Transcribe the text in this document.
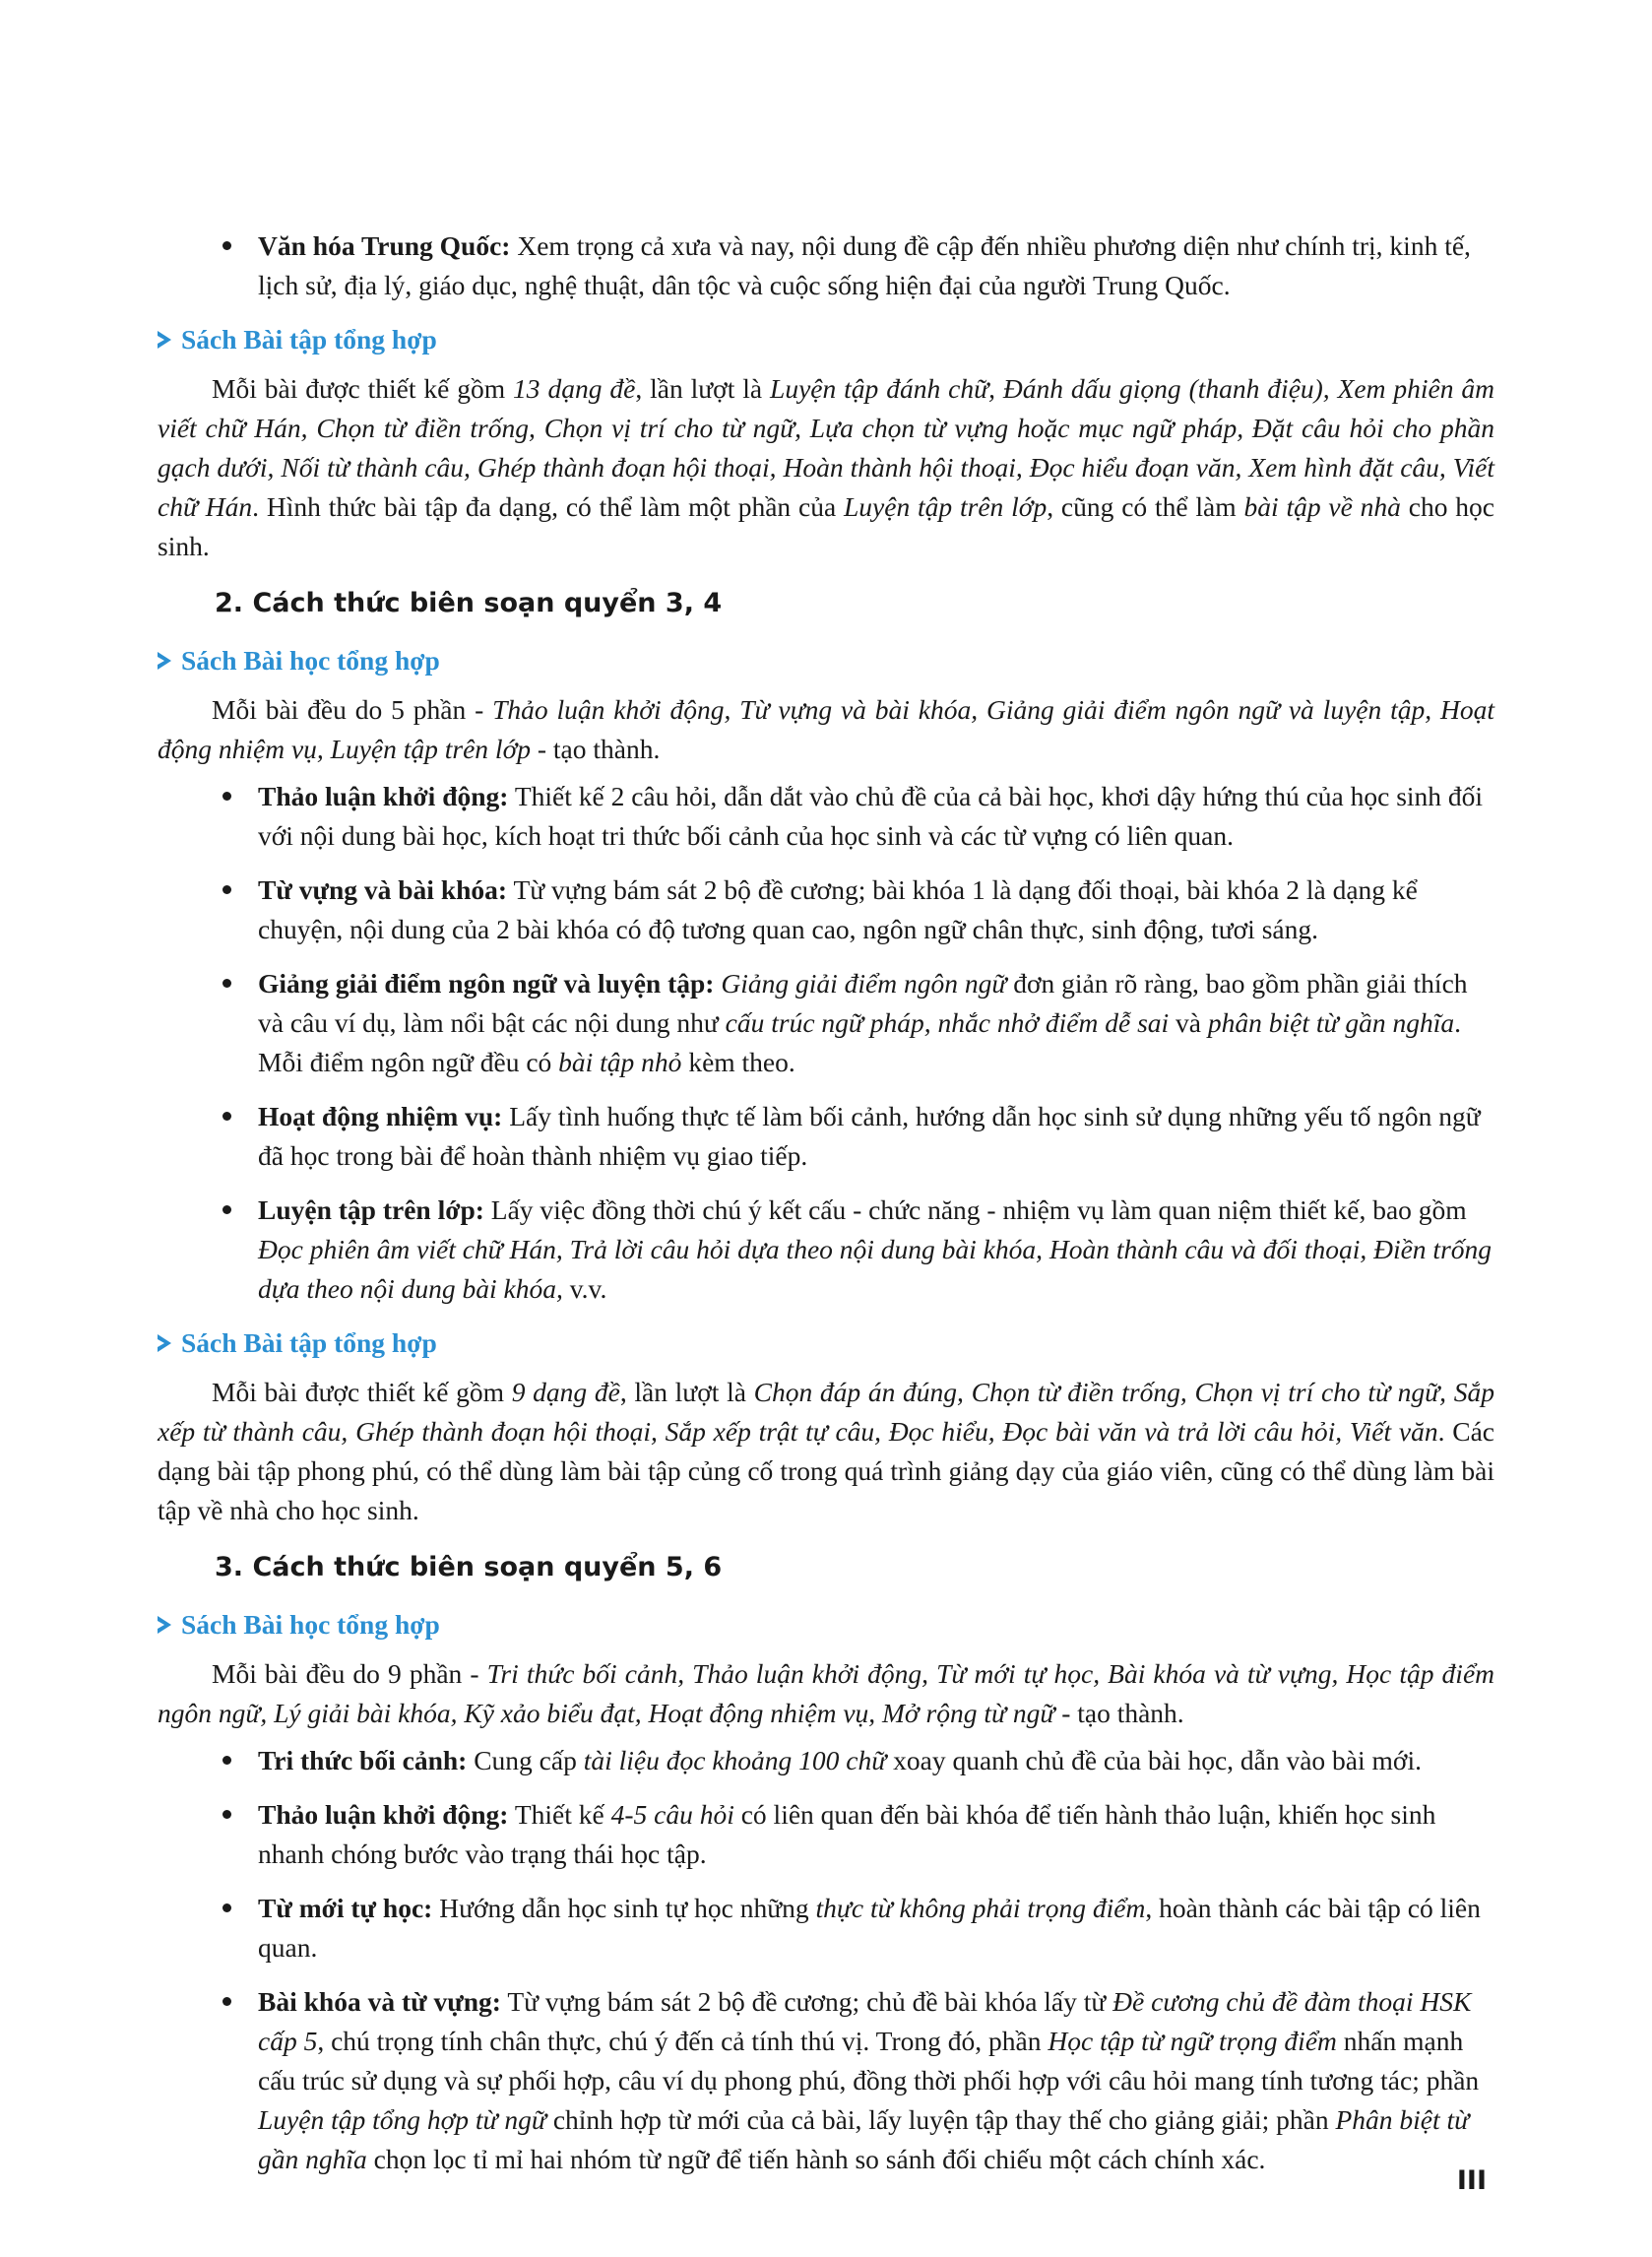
Văn hóa Trung Quốc: Xem trọng cả xưa và nay, nội dung đề cập đến nhiều phương diện như chính trị, kinh tế, lịch sử, địa lý, giáo dục, nghệ thuật, dân tộc và cuộc sống hiện đại của người Trung Quốc.
Sách Bài tập tổng hợp

Mỗi bài được thiết kế gồm 13 dạng đề, lần lượt là Luyện tập đánh chữ, Đánh dấu giọng (thanh điệu), Xem phiên âm viết chữ Hán, Chọn từ điền trống, Chọn vị trí cho từ ngữ, Lựa chọn từ vựng hoặc mục ngữ pháp, Đặt câu hỏi cho phần gạch dưới, Nối từ thành câu, Ghép thành đoạn hội thoại, Hoàn thành hội thoại, Đọc hiểu đoạn văn, Xem hình đặt câu, Viết chữ Hán. Hình thức bài tập đa dạng, có thể làm một phần của Luyện tập trên lớp, cũng có thể làm bài tập về nhà cho học sinh.

2. Cách thức biên soạn quyển 3, 4
Sách Bài học tổng hợp

Mỗi bài đều do 5 phần - Thảo luận khởi động, Từ vựng và bài khóa, Giảng giải điểm ngôn ngữ và luyện tập, Hoạt động nhiệm vụ, Luyện tập trên lớp - tạo thành.

Thảo luận khởi động: Thiết kế 2 câu hỏi, dẫn dắt vào chủ đề của cả bài học, khơi dậy hứng thú của học sinh đối với nội dung bài học, kích hoạt tri thức bối cảnh của học sinh và các từ vựng có liên quan.
Từ vựng và bài khóa: Từ vựng bám sát 2 bộ đề cương; bài khóa 1 là dạng đối thoại, bài khóa 2 là dạng kể chuyện, nội dung của 2 bài khóa có độ tương quan cao, ngôn ngữ chân thực, sinh động, tươi sáng.
Giảng giải điểm ngôn ngữ và luyện tập: Giảng giải điểm ngôn ngữ đơn giản rõ ràng, bao gồm phần giải thích và câu ví dụ, làm nổi bật các nội dung như cấu trúc ngữ pháp, nhắc nhở điểm dễ sai và phân biệt từ gần nghĩa. Mỗi điểm ngôn ngữ đều có bài tập nhỏ kèm theo.
Hoạt động nhiệm vụ: Lấy tình huống thực tế làm bối cảnh, hướng dẫn học sinh sử dụng những yếu tố ngôn ngữ đã học trong bài để hoàn thành nhiệm vụ giao tiếp.
Luyện tập trên lớp: Lấy việc đồng thời chú ý kết cấu - chức năng - nhiệm vụ làm quan niệm thiết kế, bao gồm Đọc phiên âm viết chữ Hán, Trả lời câu hỏi dựa theo nội dung bài khóa, Hoàn thành câu và đối thoại, Điền trống dựa theo nội dung bài khóa, v.v.
Sách Bài tập tổng hợp

Mỗi bài được thiết kế gồm 9 dạng đề, lần lượt là Chọn đáp án đúng, Chọn từ điền trống, Chọn vị trí cho từ ngữ, Sắp xếp từ thành câu, Ghép thành đoạn hội thoại, Sắp xếp trật tự câu, Đọc hiểu, Đọc bài văn và trả lời câu hỏi, Viết văn. Các dạng bài tập phong phú, có thể dùng làm bài tập củng cố trong quá trình giảng dạy của giáo viên, cũng có thể dùng làm bài tập về nhà cho học sinh.

3. Cách thức biên soạn quyển 5, 6
Sách Bài học tổng hợp

Mỗi bài đều do 9 phần - Tri thức bối cảnh, Thảo luận khởi động, Từ mới tự học, Bài khóa và từ vựng, Học tập điểm ngôn ngữ, Lý giải bài khóa, Kỹ xảo biểu đạt, Hoạt động nhiệm vụ, Mở rộng từ ngữ - tạo thành.

Tri thức bối cảnh: Cung cấp tài liệu đọc khoảng 100 chữ xoay quanh chủ đề của bài học, dẫn vào bài mới.
Thảo luận khởi động: Thiết kế 4-5 câu hỏi có liên quan đến bài khóa để tiến hành thảo luận, khiến học sinh nhanh chóng bước vào trạng thái học tập.
Từ mới tự học: Hướng dẫn học sinh tự học những thực từ không phải trọng điểm, hoàn thành các bài tập có liên quan.
Bài khóa và từ vựng: Từ vựng bám sát 2 bộ đề cương; chủ đề bài khóa lấy từ Đề cương chủ đề đàm thoại HSK cấp 5, chú trọng tính chân thực, chú ý đến cả tính thú vị. Trong đó, phần Học tập từ ngữ trọng điểm nhấn mạnh cấu trúc sử dụng và sự phối hợp, câu ví dụ phong phú, đồng thời phối hợp với câu hỏi mang tính tương tác; phần Luyện tập tổng hợp từ ngữ chỉnh hợp từ mới của cả bài, lấy luyện tập thay thế cho giảng giải; phần Phân biệt từ gần nghĩa chọn lọc tỉ mỉ hai nhóm từ ngữ để tiến hành so sánh đối chiếu một cách chính xác.
III
